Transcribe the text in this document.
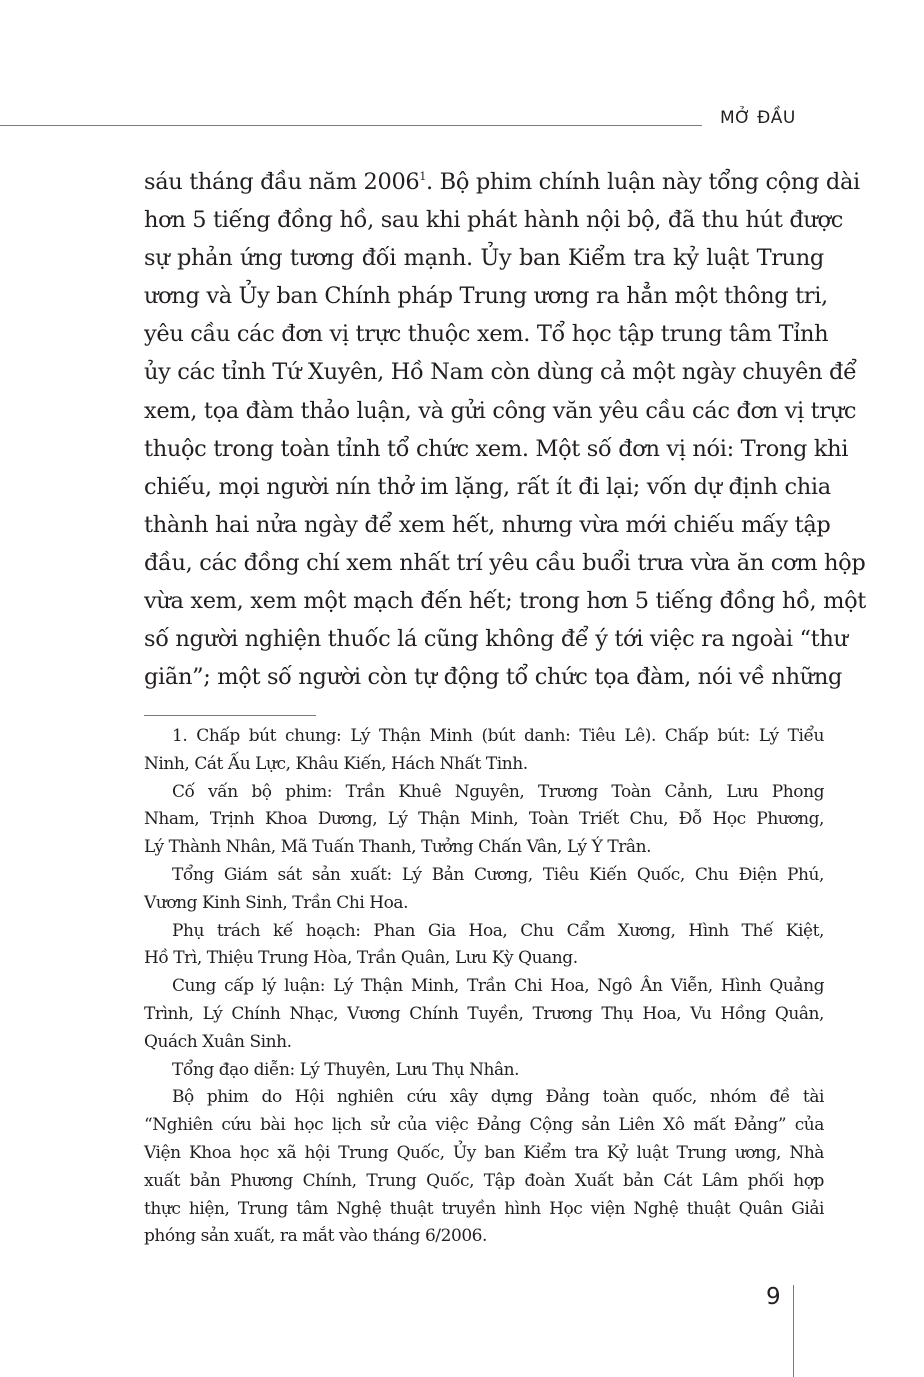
MỞ ĐẦU
sáu tháng đầu năm 2006$^1$. Bộ phim chính luận này tổng cộng dài
hơn 5 tiếng đồng hồ, sau khi phát hành nội bộ, đã thu hút được
sự phản ứng tương đối mạnh. Ủy ban Kiểm tra kỷ luật Trung
ương và Ủy ban Chính pháp Trung ương ra hẳn một thông tri,
yêu cầu các đơn vị trực thuộc xem. Tổ học tập trung tâm Tỉnh
ủy các tỉnh Tứ Xuyên, Hồ Nam còn dùng cả một ngày chuyên để
xem, tọa đàm thảo luận, và gửi công văn yêu cầu các đơn vị trực
thuộc trong toàn tỉnh tổ chức xem. Một số đơn vị nói: Trong khi
chiếu, mọi người nín thở im lặng, rất ít đi lại; vốn dự định chia
thành hai nửa ngày để xem hết, nhưng vừa mới chiếu mấy tập
đầu, các đồng chí xem nhất trí yêu cầu buổi trưa vừa ăn cơm hộp
vừa xem, xem một mạch đến hết; trong hơn 5 tiếng đồng hồ, một
số người nghiện thuốc lá cũng không để ý tới việc ra ngoài “thư
giãn”; một số người còn tự động tổ chức tọa đàm, nói về những
1. Chấp bút chung: Lý Thận Minh (bút danh: Tiêu Lê). Chấp bút: Lý Tiểu
Ninh, Cát Ấu Lực, Khâu Kiến, Hách Nhất Tinh.
Cố vấn bộ phim: Trần Khuê Nguyên, Trương Toàn Cảnh, Lưu Phong
Nham, Trịnh Khoa Dương, Lý Thận Minh, Toàn Triết Chu, Đỗ Học Phương,
Lý Thành Nhân, Mã Tuấn Thanh, Tưởng Chấn Vân, Lý Ý Trân.
Tổng Giám sát sản xuất: Lý Bản Cương, Tiêu Kiến Quốc, Chu Điện Phú,
Vương Kinh Sinh, Trần Chi Hoa.
Phụ trách kế hoạch: Phan Gia Hoa, Chu Cẩm Xương, Hình Thế Kiệt,
Hồ Trì, Thiệu Trung Hòa, Trần Quân, Lưu Kỳ Quang.
Cung cấp lý luận: Lý Thận Minh, Trần Chi Hoa, Ngô Ân Viễn, Hình Quảng
Trình, Lý Chính Nhạc, Vương Chính Tuyền, Trương Thụ Hoa, Vu Hồng Quân,
Quách Xuân Sinh.
Tổng đạo diễn: Lý Thuyên, Lưu Thụ Nhân.
Bộ phim do Hội nghiên cứu xây dựng Đảng toàn quốc, nhóm đề tài
“Nghiên cứu bài học lịch sử của việc Đảng Cộng sản Liên Xô mất Đảng” của
Viện Khoa học xã hội Trung Quốc, Ủy ban Kiểm tra Kỷ luật Trung ương, Nhà
xuất bản Phương Chính, Trung Quốc, Tập đoàn Xuất bản Cát Lâm phối hợp
thực hiện, Trung tâm Nghệ thuật truyền hình Học viện Nghệ thuật Quân Giải
phóng sản xuất, ra mắt vào tháng 6/2006.
9
